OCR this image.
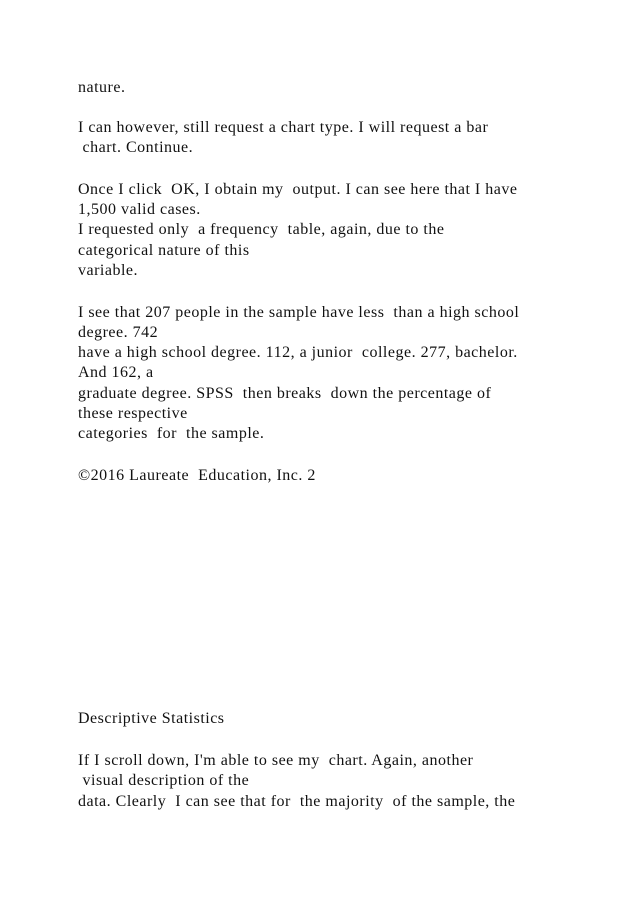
nature.
I can however, still request a chart type. I will request a bar
chart. Continue.
Once I click  OK, I obtain my  output. I can see here that I have
1,500 valid cases.
I requested only  a frequency  table, again, due to the
categorical nature of this
variable.
I see that 207 people in the sample have less  than a high school
degree. 742
have a high school degree. 112, a junior  college. 277, bachelor.
And 162, a
graduate degree. SPSS  then breaks  down the percentage of
these respective
categories  for  the sample.
©2016 Laureate  Education, Inc. 2
Descriptive Statistics
If I scroll down, I'm able to see my  chart. Again, another
visual description of the
data. Clearly  I can see that for  the majority  of the sample, the
